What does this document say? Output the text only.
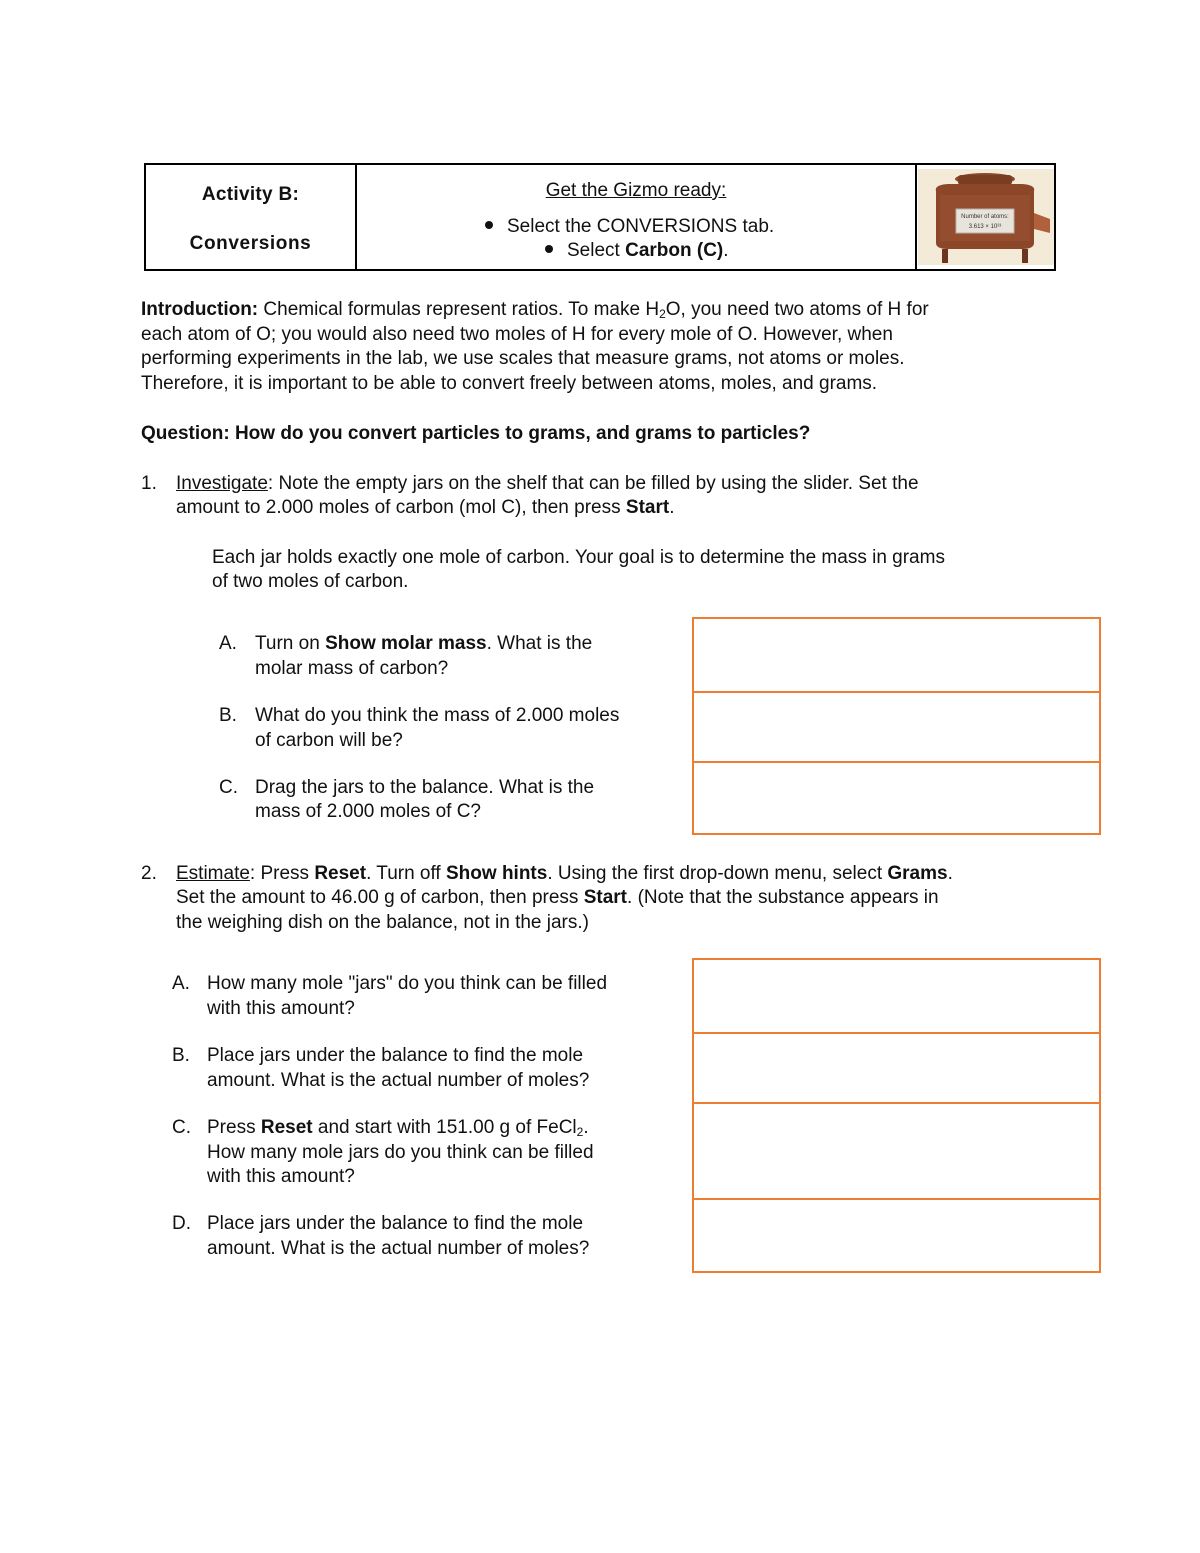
Activity B:
Conversions
Get the Gizmo ready:
Select the CONVERSIONS tab.
Select Carbon (C).
Number of atoms:
3.613 × 10²³
Introduction: Chemical formulas represent ratios. To make $H_2O$, you need two atoms of H for
each atom of O; you would also need two moles of H for every mole of O. However, when
performing experiments in the lab, we use scales that measure grams, not atoms or moles.
Therefore, it is important to be able to convert freely between atoms, moles, and grams.
Question: How do you convert particles to grams, and grams to particles?
1. Investigate: Note the empty jars on the shelf that can be filled by using the slider. Set the
amount to 2.000 moles of carbon (mol C), then press Start.
Each jar holds exactly one mole of carbon. Your goal is to determine the mass in grams
of two moles of carbon.
A. Turn on Show molar mass. What is the
molar mass of carbon?
B. What do you think the mass of 2.000 moles
of carbon will be?
C. Drag the jars to the balance. What is the
mass of 2.000 moles of C?
2. Estimate: Press Reset. Turn off Show hints. Using the first drop-down menu, select Grams.
Set the amount to 46.00 g of carbon, then press Start. (Note that the substance appears in
the weighing dish on the balance, not in the jars.)
A. How many mole "jars" do you think can be filled
with this amount?
B. Place jars under the balance to find the mole
amount. What is the actual number of moles?
C. Press Reset and start with 151.00 g of FeCl$_2$.
How many mole jars do you think can be filled
with this amount?
D. Place jars under the balance to find the mole
amount. What is the actual number of moles?
